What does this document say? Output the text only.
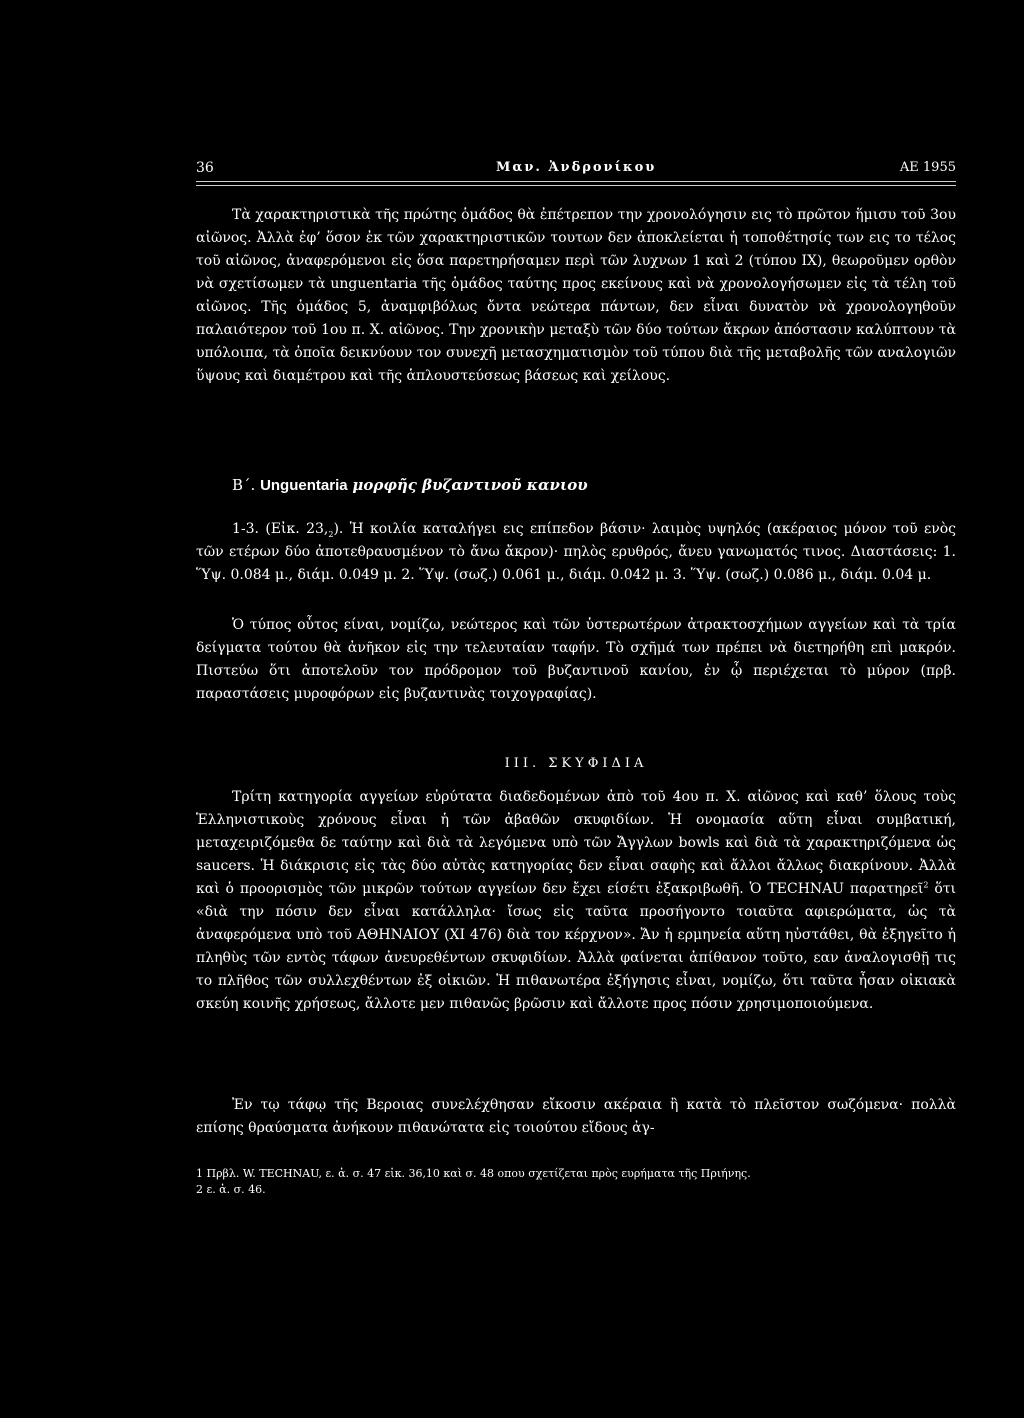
36	Μαν. Ἀνδρονίκου	ΑΕ 1955

Τὰ χαρακτηριστικὰ τῆς πρώτης ὁμάδος θὰ ἐπέτρεπον την χρονολόγησιν εις τὸ πρῶτον ἥμισυ τοῦ 3ου αἰῶνος. Ἀλλὰ ἐφ’ ὅσον ἐκ τῶν χαρακτηριστικῶν τουτων δεν ἀποκλείεται ἡ τοποθέτησίς των εις το τέλος τοῦ αἰῶνος, ἀναφερόμενοι εἰς ὅσα παρετηρήσαμεν περὶ τῶν λυχνων 1 καὶ 2 (τύπου ΙΧ), θεωροῦμεν ορθὸν νὰ σχετίσωμεν τὰ unguentaria τῆς ὁμάδος ταύτης προς εκείνους καὶ νὰ χρονολογήσωμεν εἰς τὰ τέλη τοῦ αἰῶνος. Τῆς ὁμάδος 5, ἀναμφιβόλως ὄντα νεώτερα πάντων, δεν εἶναι δυνατὸν νὰ χρονολογηθοῦν παλαιότερον τοῦ 1ου π. Χ. αἰῶνος. Την χρονικὴν μεταξὺ τῶν δύο τούτων ἄκρων ἀπόστασιν καλύπτουν τὰ υπόλοιπα, τὰ ὁποῖα δεικνύουν τον συνεχῆ μετασχηματισμὸν τοῦ τύπου διὰ τῆς μεταβολῆς τῶν αναλογιῶν ὕψους καὶ διαμέτρου καὶ τῆς ἁπλουστεύσεως βάσεως καὶ χείλους.

Β΄. Unguentaria μορφῆς βυζαντινοῦ κανιου

1-3. (Εἰκ. $23,_2$). Ἡ κοιλία καταλήγει εις επίπεδον βάσιν· λαιμὸς υψηλός (ακέραιος μόνον τοῦ ενὸς τῶν ετέρων δύο ἀποτεθραυσμένον τὸ ἄνω ἄκρον)· πηλὸς ερυθρός, ἄνευ γανωματός τινος. Διαστάσεις: 1. Ὕψ. 0.084 μ., διάμ. 0.049 μ. 2. Ὕψ. (σωζ.) 0.061 μ., διάμ. 0.042 μ. 3. Ὕψ. (σωζ.) 0.086 μ., διάμ. 0.04 μ.

Ὁ τύπος οὗτος είναι, νομίζω, νεώτερος καὶ τῶν ὑστερωτέρων ἀτρακτοσχήμων αγγείων καὶ τὰ τρία δείγματα τούτου θὰ ἀνῆκον εἰς την τελευταίαν ταφήν. Τὸ σχῆμά των πρέπει νὰ διετηρήθη επὶ μακρόν. Πιστεύω ὅτι ἀποτελοῦν τον πρόδρομον τοῦ βυζαντινοῦ κανίου, ἐν ᾧ περιέχεται τὸ μύρον (πρβ. παραστάσεις μυροφόρων εἰς βυζαντινὰς τοιχογραφίας).

ΙΙΙ. ΣΚΥΦΙΔΙΑ

Τρίτη κατηγορία αγγείων εὐρύτατα διαδεδομένων ἀπὸ τοῦ 4ου π. Χ. αἰῶνος καὶ καθ’ ὅλους τοὺς Ἑλληνιστικοὺς χρόνους εἶναι ἡ τῶν ἀβαθῶν σκυφιδίων. Ἡ ονομασία αὕτη εἶναι συμβατική, μεταχειριζόμεθα δε ταύτην καὶ διὰ τὰ λεγόμενα υπὸ τῶν Ἄγγλων bowls καὶ διὰ τὰ χαρακτηριζόμενα ὡς saucers. Ἡ διάκρισις εἰς τὰς δύο αὐτὰς κατηγορίας δεν εἶναι σαφὴς καὶ ἄλλοι ἄλλως διακρίνουν. Ἀλλὰ καὶ ὁ προορισμὸς τῶν μικρῶν τούτων αγγείων δεν ἔχει είσέτι ἐξακριβωθῆ. Ὁ TECHNAU παρατηρεῖ$^2$ ὅτι «διὰ την πόσιν δεν εἶναι κατάλληλα· ἴσως εἰς ταῦτα προσήγοντο τοιαῦτα αφιερώματα, ὡς τὰ ἀναφερόμενα υπὸ τοῦ ΑΘΗΝΑΙΟΥ (ΧΙ 476) διὰ τον κέρχνον». Ἄν ἡ ερμηνεία αὕτη ηὐστάθει, θὰ ἐξηγεῖτο ἡ πληθὺς τῶν εντὸς τάφων ἀνευρεθέντων σκυφιδίων. Ἀλλὰ φαίνεται ἀπίθανον τοῦτο, εαν ἀναλογισθῇ τις το πλῆθος τῶν συλλεχθέντων ἐξ οἰκιῶν. Ἡ πιθανωτέρα ἐξήγησις εἶναι, νομίζω, ὅτι ταῦτα ἦσαν οἰκιακὰ σκεύη κοινῆς χρήσεως, ἄλλοτε μεν πιθανῶς βρῶσιν καὶ ἄλλοτε προς πόσιν χρησιμοποιούμενα.

Ἐν τῳ τάφῳ τῆς Βεροιας συνελέχθησαν εἴκοσιν ακέραια ἢ κατὰ τὸ πλεῖστον σωζόμενα· πολλὰ επίσης θραύσματα ἀνήκουν πιθανώτατα εἰς τοιούτου εἴδους ἀγ-

1 Πρβλ. W. TECHNAU, ε. ἀ. σ. 47 εἰκ. 36,10 καὶ σ. 48 οπου σχετίζεται πρὸς ευρήματα τῆς Πριήνης.

2 ε. ἀ. σ. 46.
